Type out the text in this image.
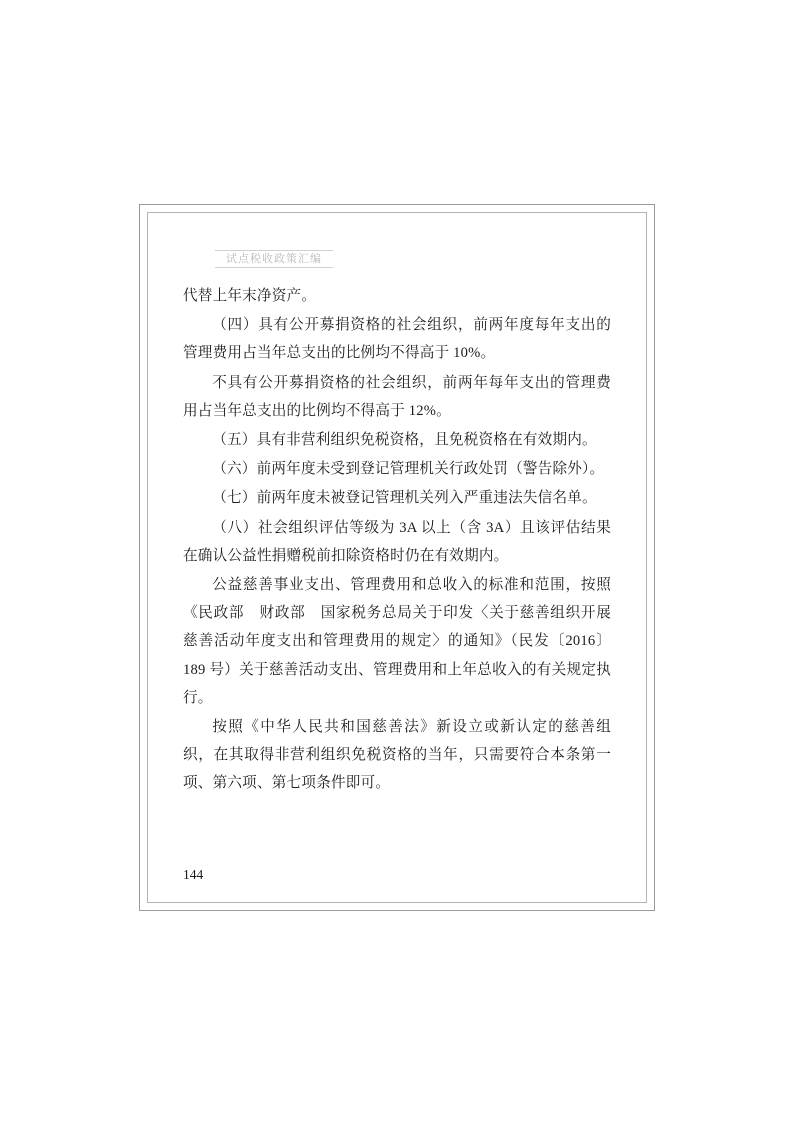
试点税收政策汇编

代替上年末净资产。

（四）具有公开募捐资格的社会组织，前两年度每年支出的管理费用占当年总支出的比例均不得高于 10%。

不具有公开募捐资格的社会组织，前两年每年支出的管理费用占当年总支出的比例均不得高于 12%。

（五）具有非营利组织免税资格，且免税资格在有效期内。

（六）前两年度未受到登记管理机关行政处罚（警告除外）。

（七）前两年度未被登记管理机关列入严重违法失信名单。

（八）社会组织评估等级为 3A 以上（含 3A）且该评估结果在确认公益性捐赠税前扣除资格时仍在有效期内。

公益慈善事业支出、管理费用和总收入的标准和范围，按照《民政部　财政部　国家税务总局关于印发〈关于慈善组织开展慈善活动年度支出和管理费用的规定〉的通知》（民发〔2016〕189 号）关于慈善活动支出、管理费用和上年总收入的有关规定执行。

按照《中华人民共和国慈善法》新设立或新认定的慈善组织，在其取得非营利组织免税资格的当年，只需要符合本条第一项、第六项、第七项条件即可。

144
